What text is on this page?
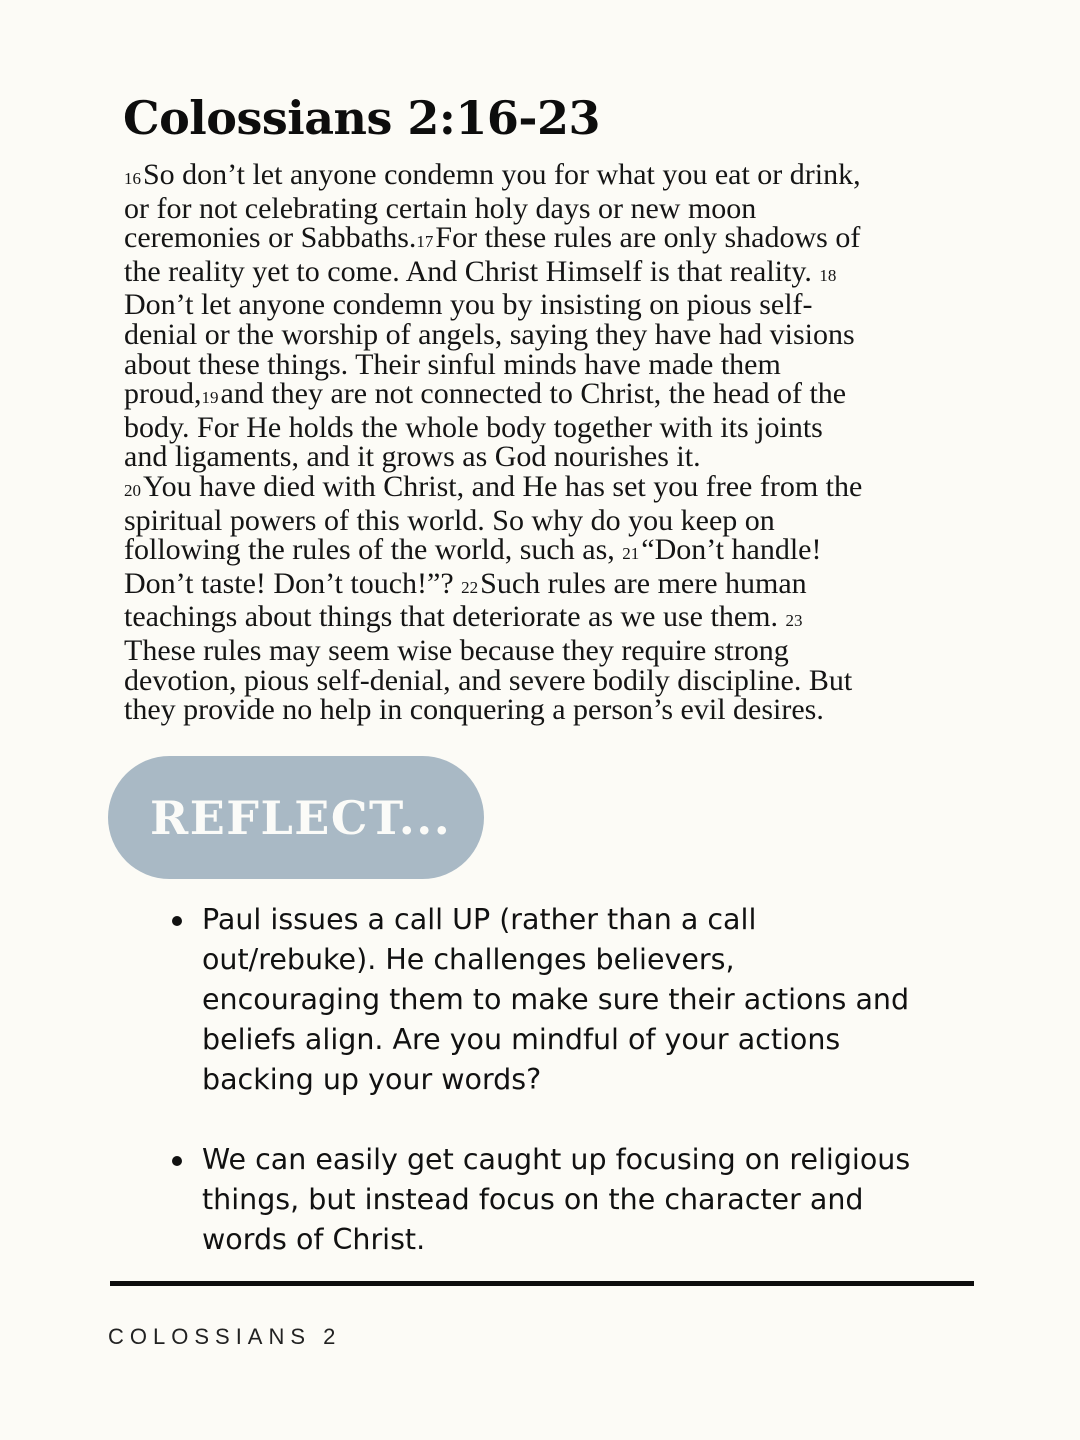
Colossians 2:16-23
16So don’t let anyone condemn you for what you eat or drink,
or for not celebrating certain holy days or new moon
ceremonies or Sabbaths.17For these rules are only shadows of
the reality yet to come. And Christ Himself is that reality. 18
Don’t let anyone condemn you by insisting on pious self-
denial or the worship of angels, saying they have had visions
about these things. Their sinful minds have made them
proud,19and they are not connected to Christ, the head of the
body. For He holds the whole body together with its joints
and ligaments, and it grows as God nourishes it.
20You have died with Christ, and He has set you free from the
spiritual powers of this world. So why do you keep on
following the rules of the world, such as, 21“Don’t handle!
Don’t taste! Don’t touch!”? 22Such rules are mere human
teachings about things that deteriorate as we use them. 23
These rules may seem wise because they require strong
devotion, pious self-denial, and severe bodily discipline. But
they provide no help in conquering a person’s evil desires.
REFLECT...
Paul issues a call UP (rather than a call
out/rebuke). He challenges believers,
encouraging them to make sure their actions and
beliefs align. Are you mindful of your actions
backing up your words?
We can easily get caught up focusing on religious
things, but instead focus on the character and
words of Christ.
COLOSSIANS 2
